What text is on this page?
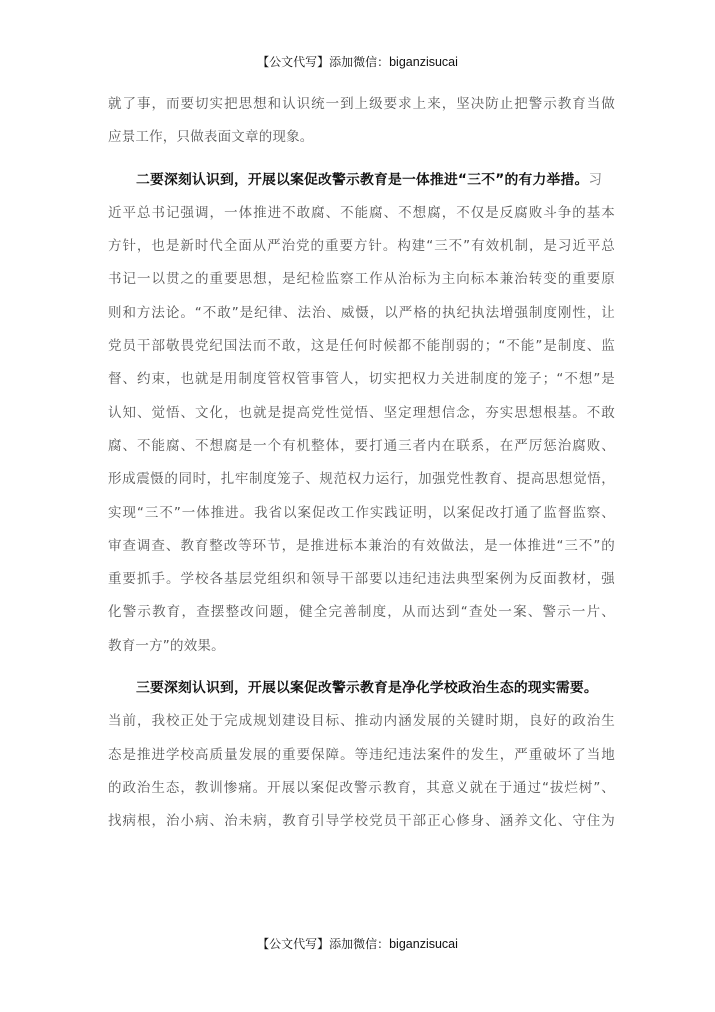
【公文代写】添加微信：biganzisucai
就了事，而要切实把思想和认识统一到上级要求上来，坚决防止把警示教育当做
应景工作，只做表面文章的现象。
二要深刻认识到，开展以案促改警示教育是一体推进“三不”的有力举措。习
近平总书记强调，一体推进不敢腐、不能腐、不想腐，不仅是反腐败斗争的基本
方针，也是新时代全面从严治党的重要方针。构建“三不”有效机制，是习近平总
书记一以贯之的重要思想，是纪检监察工作从治标为主向标本兼治转变的重要原
则和方法论。“不敢”是纪律、法治、威慑，以严格的执纪执法增强制度刚性，让
党员干部敬畏党纪国法而不敢，这是任何时候都不能削弱的；“不能”是制度、监
督、约束，也就是用制度管权管事管人，切实把权力关进制度的笼子；“不想”是
认知、觉悟、文化，也就是提高党性觉悟、坚定理想信念，夯实思想根基。不敢
腐、不能腐、不想腐是一个有机整体，要打通三者内在联系，在严厉惩治腐败、
形成震慑的同时，扎牢制度笼子、规范权力运行，加强党性教育、提高思想觉悟，
实现“三不”一体推进。我省以案促改工作实践证明，以案促改打通了监督监察、
审查调查、教育整改等环节，是推进标本兼治的有效做法，是一体推进“三不”的
重要抓手。学校各基层党组织和领导干部要以违纪违法典型案例为反面教材，强
化警示教育，查摆整改问题，健全完善制度，从而达到“查处一案、警示一片、
教育一方”的效果。
三要深刻认识到，开展以案促改警示教育是净化学校政治生态的现实需要。
当前，我校正处于完成规划建设目标、推动内涵发展的关键时期，良好的政治生
态是推进学校高质量发展的重要保障。等违纪违法案件的发生，严重破坏了当地
的政治生态，教训惨痛。开展以案促改警示教育，其意义就在于通过“拔烂树”、
找病根，治小病、治未病，教育引导学校党员干部正心修身、涵养文化、守住为
【公文代写】添加微信：biganzisucai
